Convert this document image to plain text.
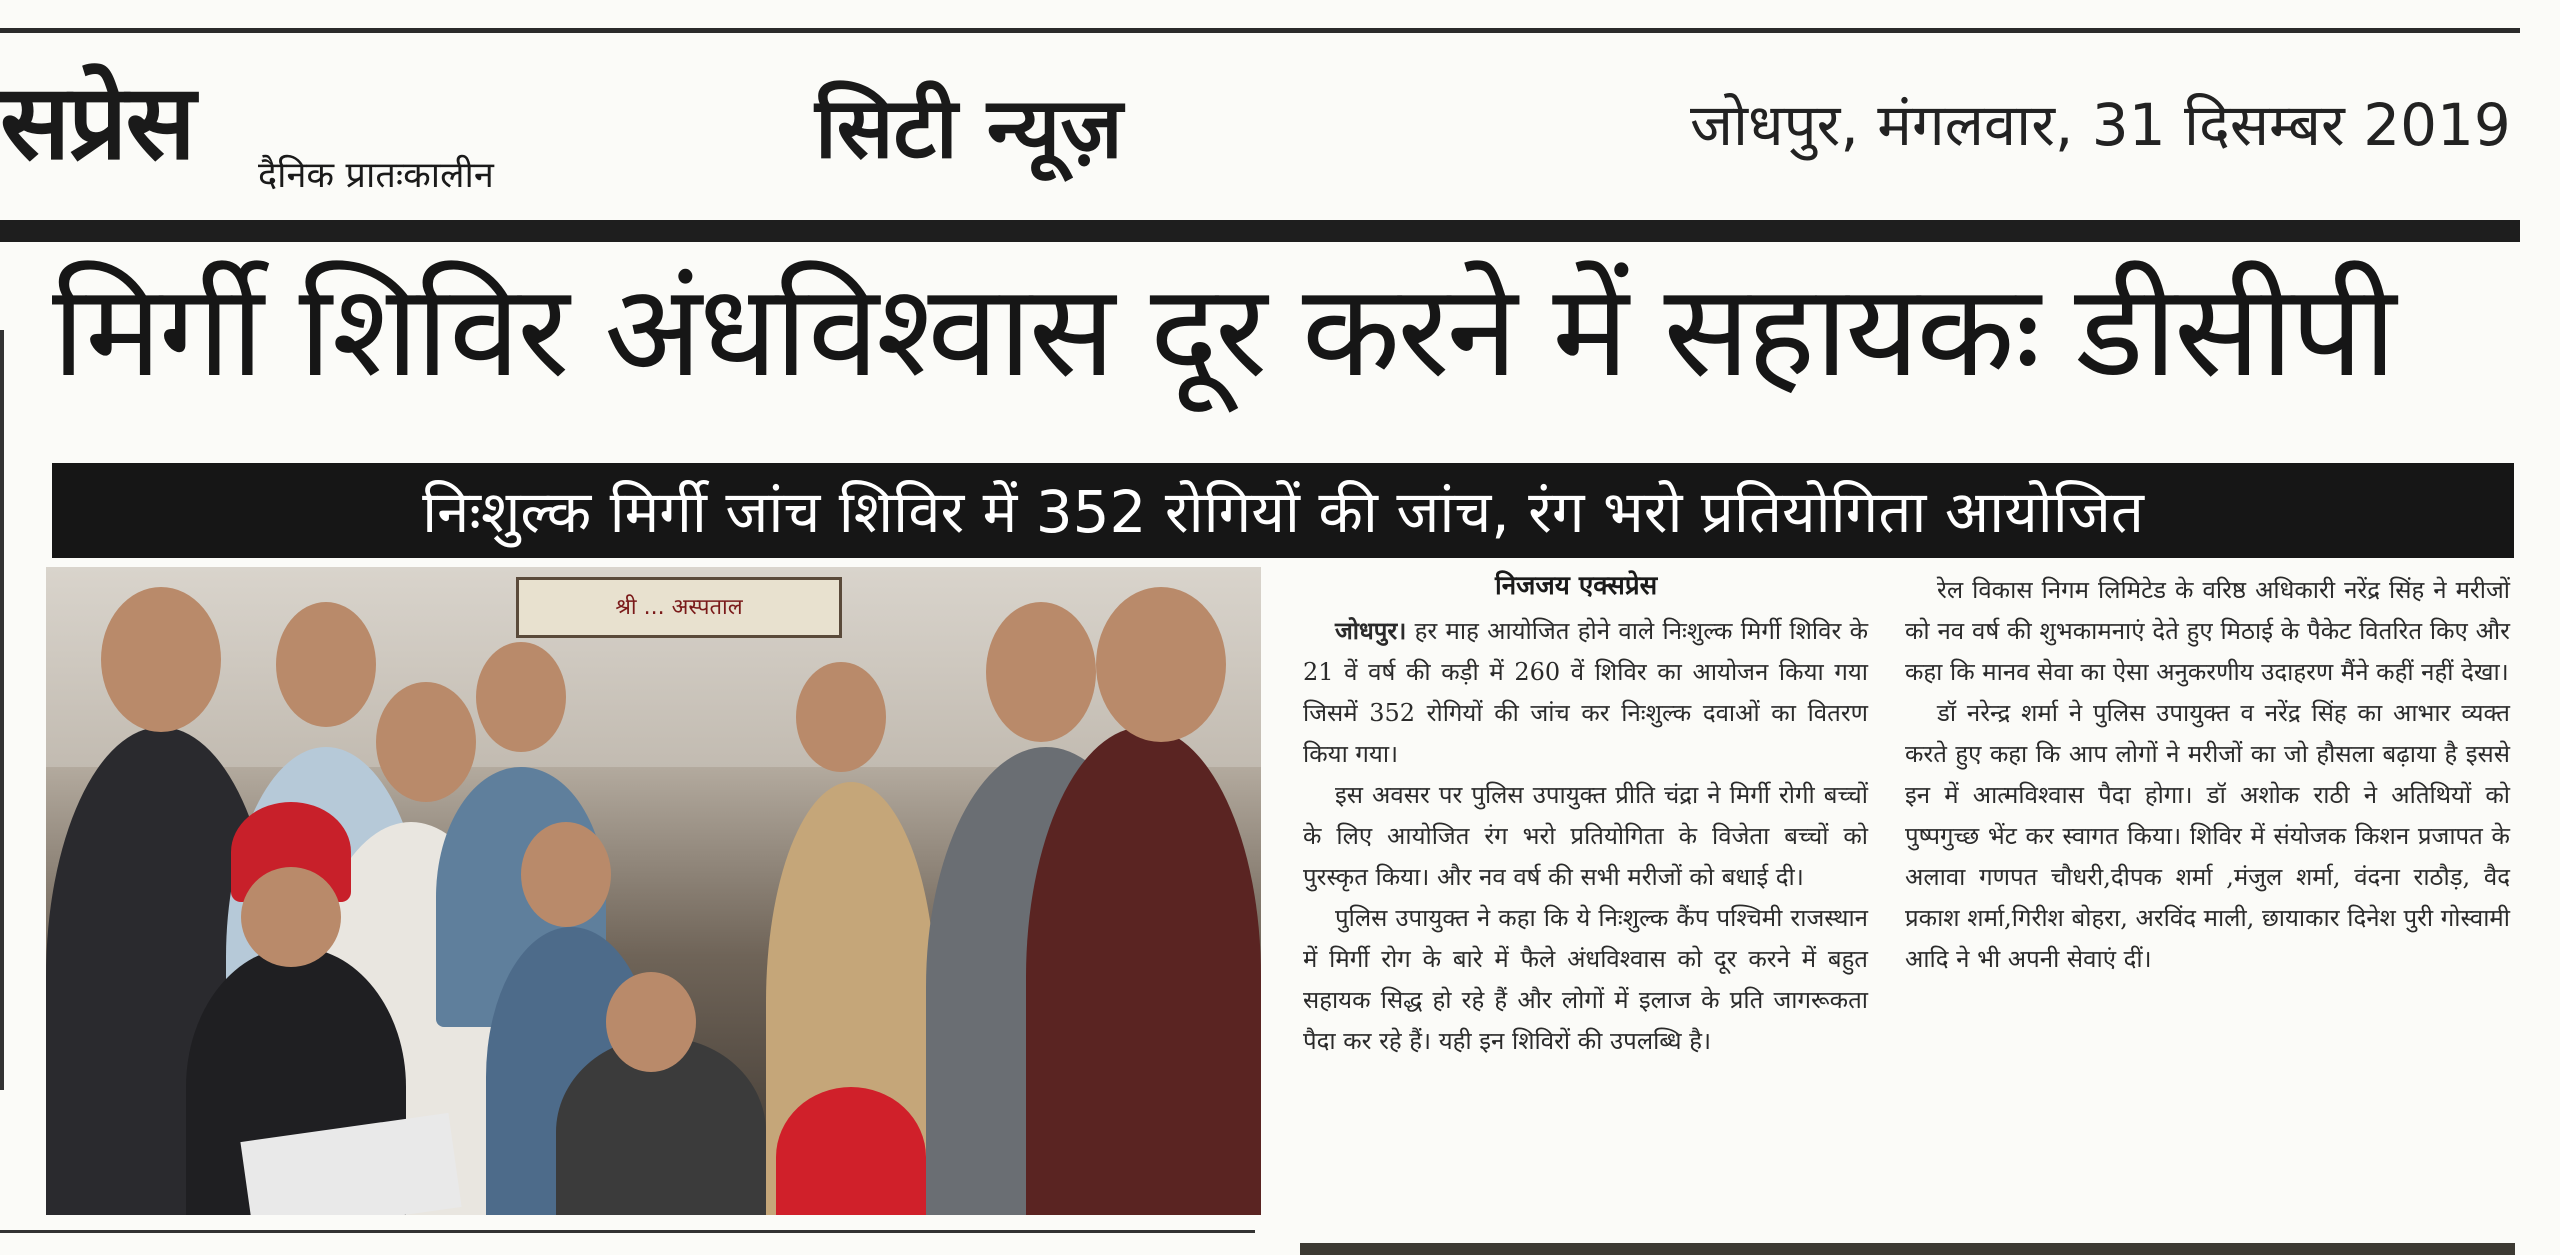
सप्रेस दैनिक प्रातःकालीन	सिटी न्यूज़	जोधपुर, मंगलवार, 31 दिसम्बर 2019
मिर्गी शिविर अंधविश्वास दूर करने में सहायकः डीसीपी
निःशुल्क मिर्गी जांच शिविर में 352 रोगियों की जांच, रंग भरो प्रतियोगिता आयोजित
श्री ... अस्पताल
निजजय एक्सप्रेस

जोधपुर। हर माह आयोजित होने वाले निःशुल्क मिर्गी शिविर के 21 वें वर्ष की कड़ी में 260 वें शिविर का आयोजन किया गया जिसमें 352 रोगियों की जांच कर निःशुल्क दवाओं का वितरण किया गया।

इस अवसर पर पुलिस उपायुक्त प्रीति चंद्रा ने मिर्गी रोगी बच्चों के लिए आयोजित रंग भरो प्रतियोगिता के विजेता बच्चों को पुरस्कृत किया। और नव वर्ष की सभी मरीजों को बधाई दी।

पुलिस उपायुक्त ने कहा कि ये निःशुल्क कैंप पश्चिमी राजस्थान में मिर्गी रोग के बारे में फैले अंधविश्वास को दूर करने में बहुत सहायक सिद्ध हो रहे हैं और लोगों में इलाज के प्रति जागरूकता पैदा कर रहे हैं। यही इन शिविरों की उपलब्धि है।

रेल विकास निगम लिमिटेड के वरिष्ठ अधिकारी नरेंद्र सिंह ने मरीजों को नव वर्ष की शुभकामनाएं देते हुए मिठाई के पैकेट वितरित किए और कहा कि मानव सेवा का ऐसा अनुकरणीय उदाहरण मैंने कहीं नहीं देखा।

डॉ नरेन्द्र शर्मा ने पुलिस उपायुक्त व नरेंद्र सिंह का आभार व्यक्त करते हुए कहा कि आप लोगों ने मरीजों का जो हौसला बढ़ाया है इससे इन में आत्मविश्वास पैदा होगा। डॉ अशोक राठी ने अतिथियों को पुष्पगुच्छ भेंट कर स्वागत किया। शिविर में संयोजक किशन प्रजापत के अलावा गणपत चौधरी,दीपक शर्मा ,मंजुल शर्मा, वंदना राठौड़, वैद प्रकाश शर्मा,गिरीश बोहरा, अरविंद माली, छायाकार दिनेश पुरी गोस्वामी आदि ने भी अपनी सेवाएं दीं।
